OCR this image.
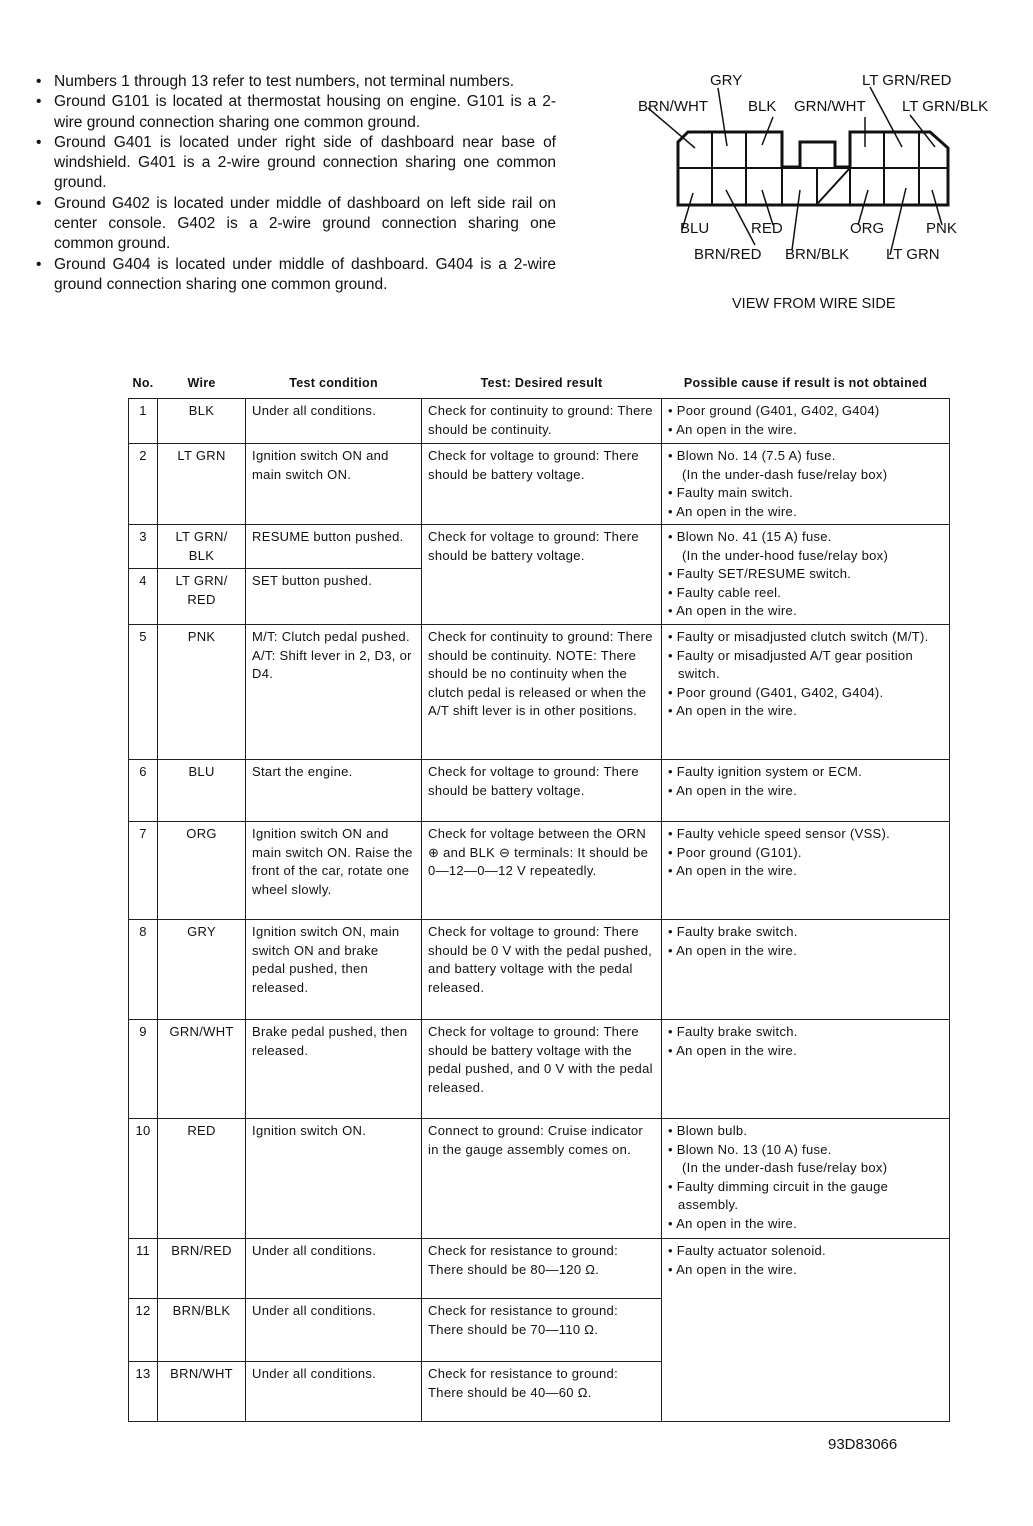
• Numbers 1 through 13 refer to test numbers, not terminal numbers.
• Ground G101 is located at thermostat housing on engine. G101 is a 2-wire ground connection sharing one common ground.
• Ground G401 is located under right side of dashboard near base of windshield. G401 is a 2-wire ground connection sharing one common ground.
• Ground G402 is located under middle of dashboard on left side rail on center console. G402 is a 2-wire ground connection sharing one common ground.
• Ground G404 is located under middle of dashboard. G404 is a 2-wire ground connection sharing one common ground.
GRY	LT GRN/RED
BRN/WHT	BLK GRN/WHT LT GRN/BLK
BLU	RED	ORG	PNK
BRN/RED BRN/BLK LT GRN
VIEW FROM WIRE SIDE
No.	Wire	Test condition	Test: Desired result	Possible cause if result is not obtained
1	BLK	Under all conditions.	Check for continuity to ground: There should be continuity.	• Poor ground (G401, G402, G404)
• An open in the wire.

2	LT GRN	Ignition switch ON and main switch ON.	Check for voltage to ground: There should be battery voltage.	• Blown No. 14 (7.5 A) fuse.
(In the under-dash fuse/relay box)
• Faulty main switch.
• An open in the wire.

3	LT GRN/ BLK	RESUME button pushed.	Check for voltage to ground: There should be battery voltage.	• Blown No. 41 (15 A) fuse.
(In the under-hood fuse/relay box)
• Faulty SET/RESUME switch.
• Faulty cable reel.
• An open in the wire.

4	LT GRN/ RED	SET button pushed.		
5	PNK	M/T: Clutch pedal pushed. A/T: Shift lever in 2, D3, or D4.	Check for continuity to ground: There should be continuity. NOTE: There should be no continuity when the clutch pedal is released or when the A/T shift lever is in other positions.	• Faulty or misadjusted clutch switch (M/T).
• Faulty or misadjusted A/T gear position switch.
• Poor ground (G401, G402, G404).
• An open in the wire.

6	BLU	Start the engine.	Check for voltage to ground: There should be battery voltage.	• Faulty ignition system or ECM.
• An open in the wire.

7	ORG	Ignition switch ON and main switch ON. Raise the front of the car, rotate one wheel slowly.	Check for voltage between the ORN ⊕ and BLK ⊖ terminals: It should be 0—12—0—12 V repeatedly.	• Faulty vehicle speed sensor (VSS).
• Poor ground (G101).
• An open in the wire.

8	GRY	Ignition switch ON, main switch ON and brake pedal pushed, then released.	Check for voltage to ground: There should be 0 V with the pedal pushed, and battery voltage with the pedal released.	• Faulty brake switch.
• An open in the wire.

9	GRN/WHT	Brake pedal pushed, then released.	Check for voltage to ground: There should be battery voltage with the pedal pushed, and 0 V with the pedal released.	• Faulty brake switch.
• An open in the wire.

10	RED	Ignition switch ON.	Connect to ground: Cruise indicator in the gauge assembly comes on.	• Blown bulb.
• Blown No. 13 (10 A) fuse.
(In the under-dash fuse/relay box)
• Faulty dimming circuit in the gauge assembly.
• An open in the wire.

11	BRN/RED	Under all conditions.	Check for resistance to ground: There should be 80—120 Ω.	• Faulty actuator solenoid.
• An open in the wire.

12	BRN/BLK	Under all conditions.	Check for resistance to ground: There should be 70—110 Ω.	
13	BRN/WHT	Under all conditions.	Check for resistance to ground: There should be 40—60 Ω.	
93D83066
